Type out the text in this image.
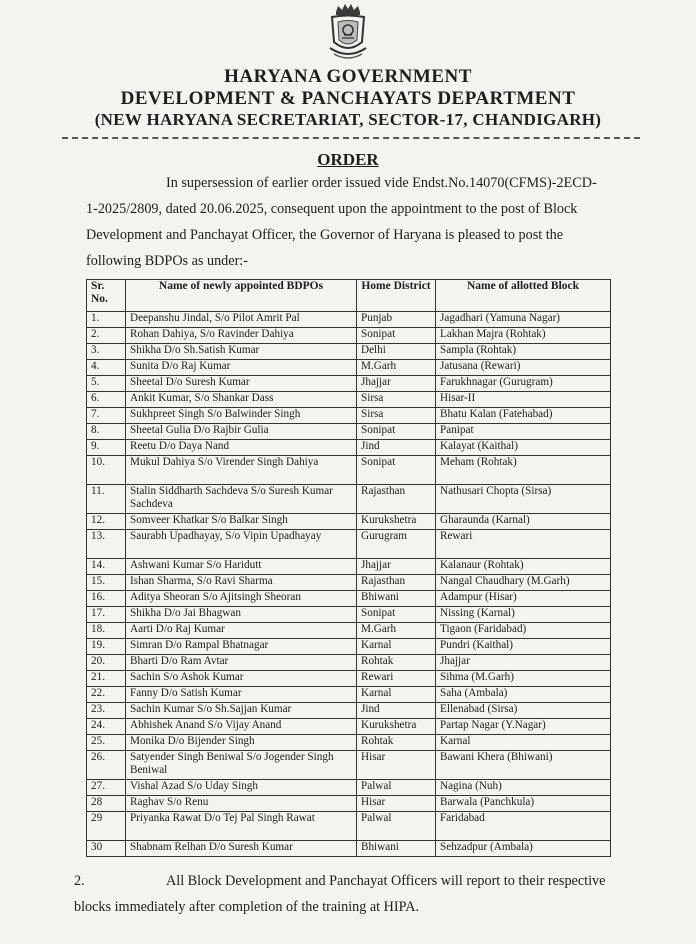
HARYANA GOVERNMENT
DEVELOPMENT & PANCHAYATS DEPARTMENT
(NEW HARYANA SECRETARIAT, SECTOR-17, CHANDIGARH)
ORDER
In supersession of earlier order issued vide Endst.No.14070(CFMS)-2ECD-1-2025/2809, dated 20.06.2025, consequent upon the appointment to the post of Block Development and Panchayat Officer, the Governor of Haryana is pleased to post the following BDPOs as under:-
Sr. No.	Name of newly appointed BDPOs	Home District	Name of allotted Block
1.	Deepanshu Jindal, S/o Pilot Amrit Pal	Punjab	Jagadhari (Yamuna Nagar)
2.	Rohan Dahiya, S/o Ravinder Dahiya	Sonipat	Lakhan Majra (Rohtak)
3.	Shikha D/o Sh.Satish Kumar	Delhi	Sampla (Rohtak)
4.	Sunita D/o Raj Kumar	M.Garh	Jatusana (Rewari)
5.	Sheetal D/o Suresh Kumar	Jhajjar	Farukhnagar (Gurugram)
6.	Ankit Kumar, S/o Shankar Dass	Sirsa	Hisar-II
7.	Sukhpreet Singh S/o Balwinder Singh	Sirsa	Bhatu Kalan (Fatehabad)
8.	Sheetal Gulia D/o Rajbir Gulia	Sonipat	Panipat
9.	Reetu D/o Daya Nand	Jind	Kalayat (Kaithal)
10.	Mukul Dahiya S/o Virender Singh Dahiya	Sonipat	Meham (Rohtak)
11.	Stalin Siddharth Sachdeva S/o Suresh Kumar Sachdeva	Rajasthan	Nathusari Chopta (Sirsa)
12.	Somveer Khatkar S/o Balkar Singh	Kurukshetra	Gharaunda (Karnal)
13.	Saurabh Upadhayay, S/o Vipin Upadhayay	Gurugram	Rewari
14.	Ashwani Kumar S/o Haridutt	Jhajjar	Kalanaur (Rohtak)
15.	Ishan Sharma, S/o Ravi Sharma	Rajasthan	Nangal Chaudhary (M.Garh)
16.	Aditya Sheoran S/o Ajitsingh Sheoran	Bhiwani	Adampur (Hisar)
17.	Shikha D/o Jai Bhagwan	Sonipat	Nissing (Karnal)
18.	Aarti D/o Raj Kumar	M.Garh	Tigaon (Faridabad)
19.	Simran D/o Rampal Bhatnagar	Karnal	Pundri (Kaithal)
20.	Bharti D/o Ram Avtar	Rohtak	Jhajjar
21.	Sachin S/o Ashok Kumar	Rewari	Sihma (M.Garh)
22.	Fanny D/o Satish Kumar	Karnal	Saha (Ambala)
23.	Sachin Kumar S/o Sh.Sajjan Kumar	Jind	Ellenabad (Sirsa)
24.	Abhishek Anand S/o Vijay Anand	Kurukshetra	Partap Nagar (Y.Nagar)
25.	Monika D/o Bijender Singh	Rohtak	Karnal
26.	Satyender Singh Beniwal S/o Jogender Singh Beniwal	Hisar	Bawani Khera (Bhiwani)
27.	Vishal Azad S/o Uday Singh	Palwal	Nagina (Nuh)
28	Raghav S/o Renu	Hisar	Barwala (Panchkula)
29	Priyanka Rawat D/o Tej Pal Singh Rawat	Palwal	Faridabad
30	Shabnam Relhan D/o Suresh Kumar	Bhiwani	Sehzadpur (Ambala)
2.	All Block Development and Panchayat Officers will report to their respective blocks immediately after completion of the training at HIPA.
